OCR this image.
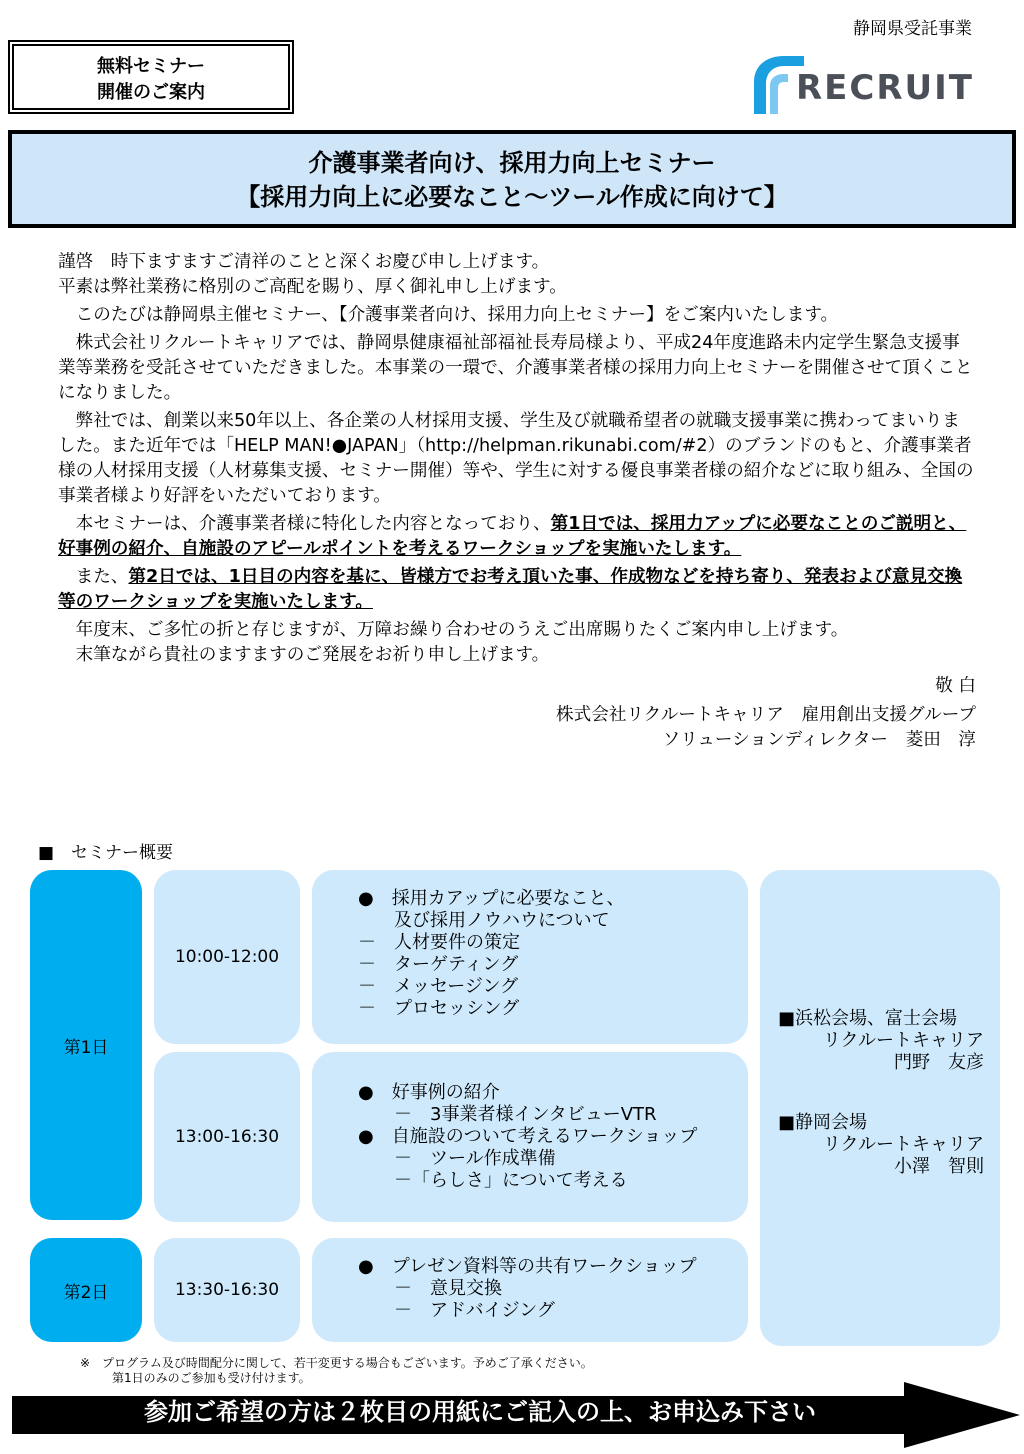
静岡県受託事業
無料セミナー
開催のご案内	RECRUIT
介護事業者向け、採用力向上セミナー
【採用力向上に必要なこと～ツール作成に向けて】

謹啓　時下ますますご清祥のことと深くお慶び申し上げます。

平素は弊社業務に格別のご高配を賜り、厚く御礼申し上げます。

このたびは静岡県主催セミナー、【介護事業者向け、採用力向上セミナー】をご案内いたします。

株式会社リクルートキャリアでは、静岡県健康福祉部福祉長寿局様より、平成24年度進路未内定学生緊急支援事業等業務を受託させていただきました。本事業の一環で、介護事業者様の採用力向上セミナーを開催させて頂くことになりました。

弊社では、創業以来50年以上、各企業の人材採用支援、学生及び就職希望者の就職支援事業に携わってまいりました。また近年では「HELP MAN!●JAPAN」（http://helpman.rikunabi.com/#2）のブランドのもと、介護事業者様の人材採用支援（人材募集支援、セミナー開催）等や、学生に対する優良事業者様の紹介などに取り組み、全国の事業者様より好評をいただいております。

本セミナーは、介護事業者様に特化した内容となっており、第1日では、採用力アップに必要なことのご説明と、好事例の紹介、自施設のアピールポイントを考えるワークショップを実施いたします。

また、第2日では、1日目の内容を基に、皆様方でお考え頂いた事、作成物などを持ち寄り、発表および意見交換等のワークショップを実施いたします。

年度末、ご多忙の折と存じますが、万障お繰り合わせのうえご出席賜りたくご案内申し上げます。

末筆ながら貴社のますますのご発展をお祈り申し上げます。

敬 白

株式会社リクルートキャリア　雇用創出支援グループ

ソリューションディレクター　菱田　淳

■　セミナー概要
第1日
第2日
10:00-12:00
13:00-16:30
13:30-16:30
●　採用カアップに必要なこと、
　　及び採用ノウハウについて
－　人材要件の策定
－　ターゲティング
－　メッセージング
－　プロセッシング
●　好事例の紹介
　　－　3事業者様インタビューVTR
●　自施設のついて考えるワークショップ
　　－　ツール作成準備
　　－「らしさ」について考える
●　プレゼン資料等の共有ワークショップ
　　－　意見交換
　　－　アドバイジング
■浜松会場、富士会場
リクルートキャリア
門野　友彦
■静岡会場
リクルートキャリア
小澤　智則
※　プログラム及び時間配分に関して、若干変更する場合もございます。予めご了承ください。
第1日のみのご参加も受け付けます。
参加ご希望の方は２枚目の用紙にご記入の上、お申込み下さい
